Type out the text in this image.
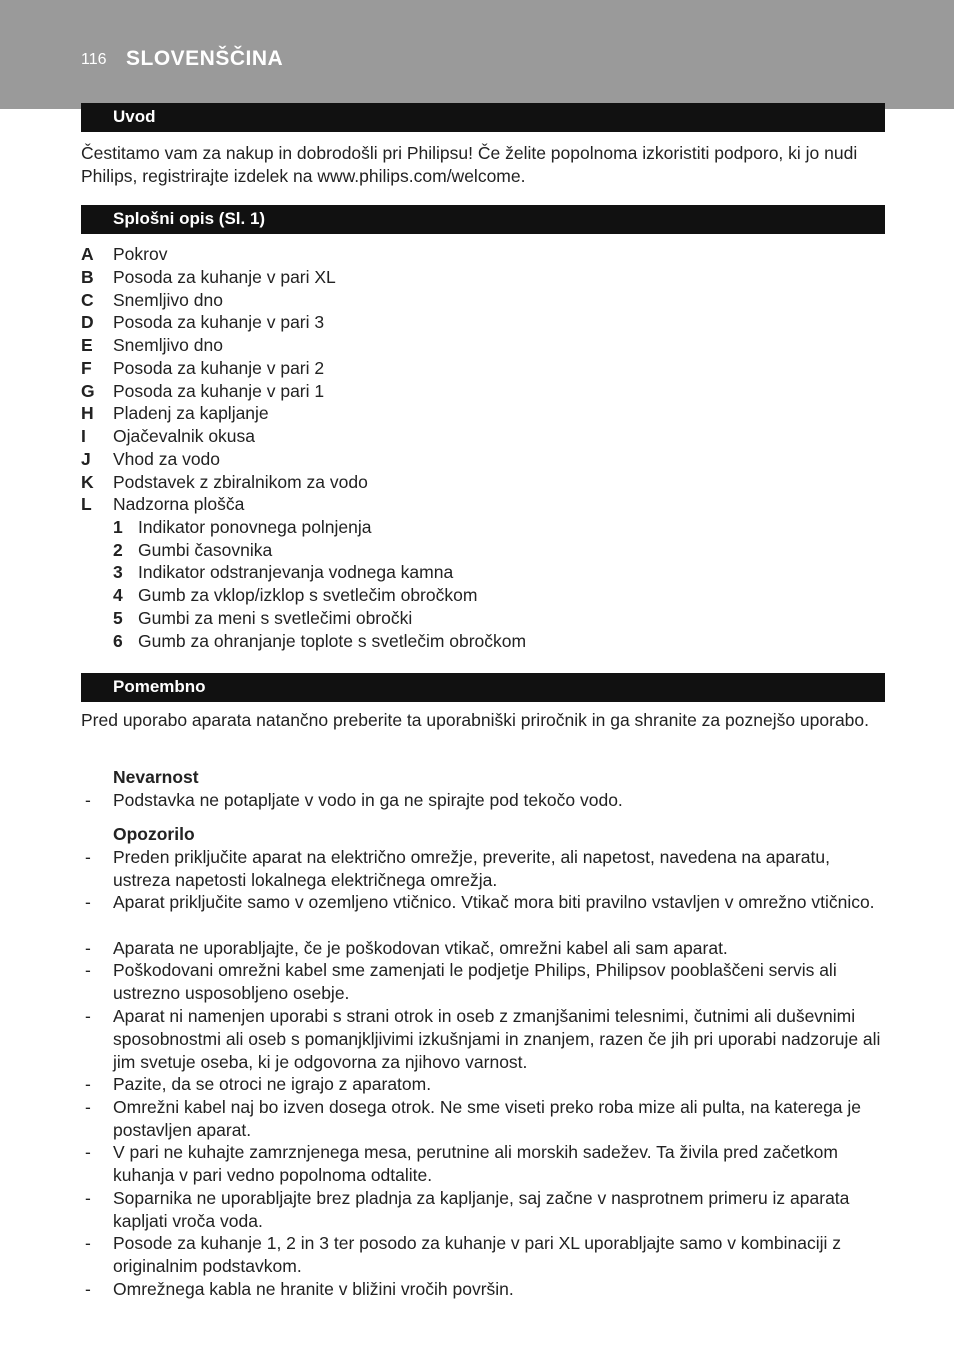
116 SLOVENŠČINA
Uvod

Čestitamo vam za nakup in dobrodošli pri Philipsu! Če želite popolnoma izkoristiti podporo, ki jo nudi Philips, registrirajte izdelek na www.philips.com/welcome.

Splošni opis (Sl. 1)
A Pokrov
B Posoda za kuhanje v pari XL
C Snemljivo dno
D Posoda za kuhanje v pari 3
E Snemljivo dno
F Posoda za kuhanje v pari 2
G Posoda za kuhanje v pari 1
H Pladenj za kapljanje
I Ojačevalnik okusa
J Vhod za vodo
K Podstavek z zbiralnikom za vodo
L Nadzorna plošča
1 Indikator ponovnega polnjenja
2 Gumbi časovnika
3 Indikator odstranjevanja vodnega kamna
4 Gumb za vklop/izklop s svetlečim obročkom
5 Gumbi za meni s svetlečimi obročki
6 Gumb za ohranjanje toplote s svetlečim obročkom
Pomembno

Pred uporabo aparata natančno preberite ta uporabniški priročnik in ga shranite za poznejšo uporabo.

Nevarnost
- Podstavka ne potapljate v vodo in ga ne spirajte pod tekočo vodo.
Opozorilo
- Preden priključite aparat na električno omrežje, preverite, ali napetost, navedena na aparatu, ustreza napetosti lokalnega električnega omrežja.
- Aparat priključite samo v ozemljeno vtičnico. Vtikač mora biti pravilno vstavljen v omrežno vtičnico.
- Aparata ne uporabljajte, če je poškodovan vtikač, omrežni kabel ali sam aparat.
- Poškodovani omrežni kabel sme zamenjati le podjetje Philips, Philipsov pooblaščeni servis ali ustrezno usposobljeno osebje.
- Aparat ni namenjen uporabi s strani otrok in oseb z zmanjšanimi telesnimi, čutnimi ali duševnimi sposobnostmi ali oseb s pomanjkljivimi izkušnjami in znanjem, razen če jih pri uporabi nadzoruje ali jim svetuje oseba, ki je odgovorna za njihovo varnost.
- Pazite, da se otroci ne igrajo z aparatom.
- Omrežni kabel naj bo izven dosega otrok. Ne sme viseti preko roba mize ali pulta, na katerega je postavljen aparat.
- V pari ne kuhajte zamrznjenega mesa, perutnine ali morskih sadežev. Ta živila pred začetkom kuhanja v pari vedno popolnoma odtalite.
- Soparnika ne uporabljajte brez pladnja za kapljanje, saj začne v nasprotnem primeru iz aparata kapljati vroča voda.
- Posode za kuhanje 1, 2 in 3 ter posodo za kuhanje v pari XL uporabljajte samo v kombinaciji z originalnim podstavkom.
- Omrežnega kabla ne hranite v bližini vročih površin.
